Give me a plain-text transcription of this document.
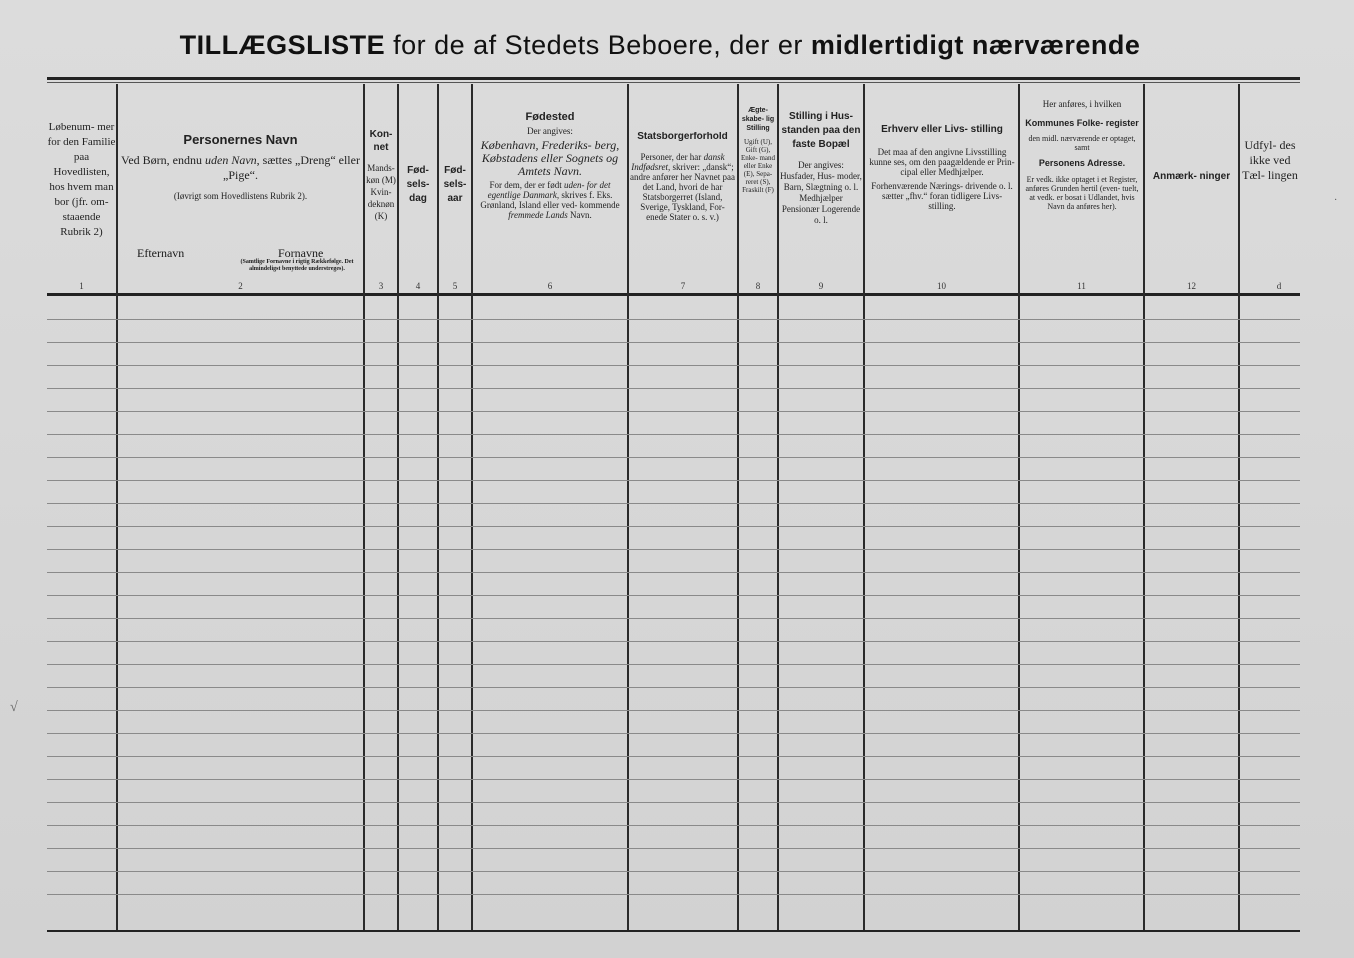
TILLÆGSLISTE for de af Stedets Beboere, der er midlertidigt nærværende
Løbenum- mer for den Familie paa Hovedlisten, hos hvem man bor (jfr. om- staaende Rubrik 2)
1
Personernes Navn
Ved Børn, endnu uden Navn, sættes „Dreng“ eller „Pige“.
(Iøvrigt som Hovedlistens Rubrik 2).
Efternavn	Fornavne
(Samtlige Fornavne i rigtig Rækkefølge. Det almindeligst benyttede understreges).
2
Kon- net
Mands- køn (M) Kvin- deknøn (K)
3
Fød- sels- dag
4
Fød- sels- aar
5
Fødested
Der angives:
København, Frederiks- berg, Købstadens eller Sognets og Amtets Navn.
For dem, der er født uden- for det egentlige Danmark, skrives f. Eks. Grønland, Island eller ved- kommende fremmede Lands Navn.
6
Statsborgerforhold
Personer, der har dansk Indfødsret, skriver: „dansk“; andre anfører her Navnet paa det Land, hvori de har Statsborgerret (Island, Sverige, Tyskland, For- enede Stater o. s. v.)
7
Ægte- skabe- lig Stilling
Ugift (U), Gift (G), Enke- mand eller Enke (E), Sepa- reret (S), Fraskilt (F)
8
Stilling i Hus- standen paa den faste Bopæl
Der angives: Husfader, Hus- moder, Barn, Slægtning o. l. Medhjælper Pensionær Logerende o. l.
9
Erhverv eller Livs- stilling
Det maa af den angivne Livsstilling kunne ses, om den paagældende er Prin- cipal eller Medhjælper.
Forhenværende Nærings- drivende o. l. sætter „fhv.“ foran tidligere Livs- stilling.
10
Her anføres, i hvilken
Kommunes Folke- register
den midl. nærværende er optaget, samt
Personens Adresse.
Er vedk. ikke optaget i et Register, anføres Grunden hertil (even- tuelt, at vedk. er bosat i Udlandet, hvis Navn da anføres her).
11
Anmærk- ninger
12
Udfyl- des ikke ved Tæl- lingen
d
√
·
